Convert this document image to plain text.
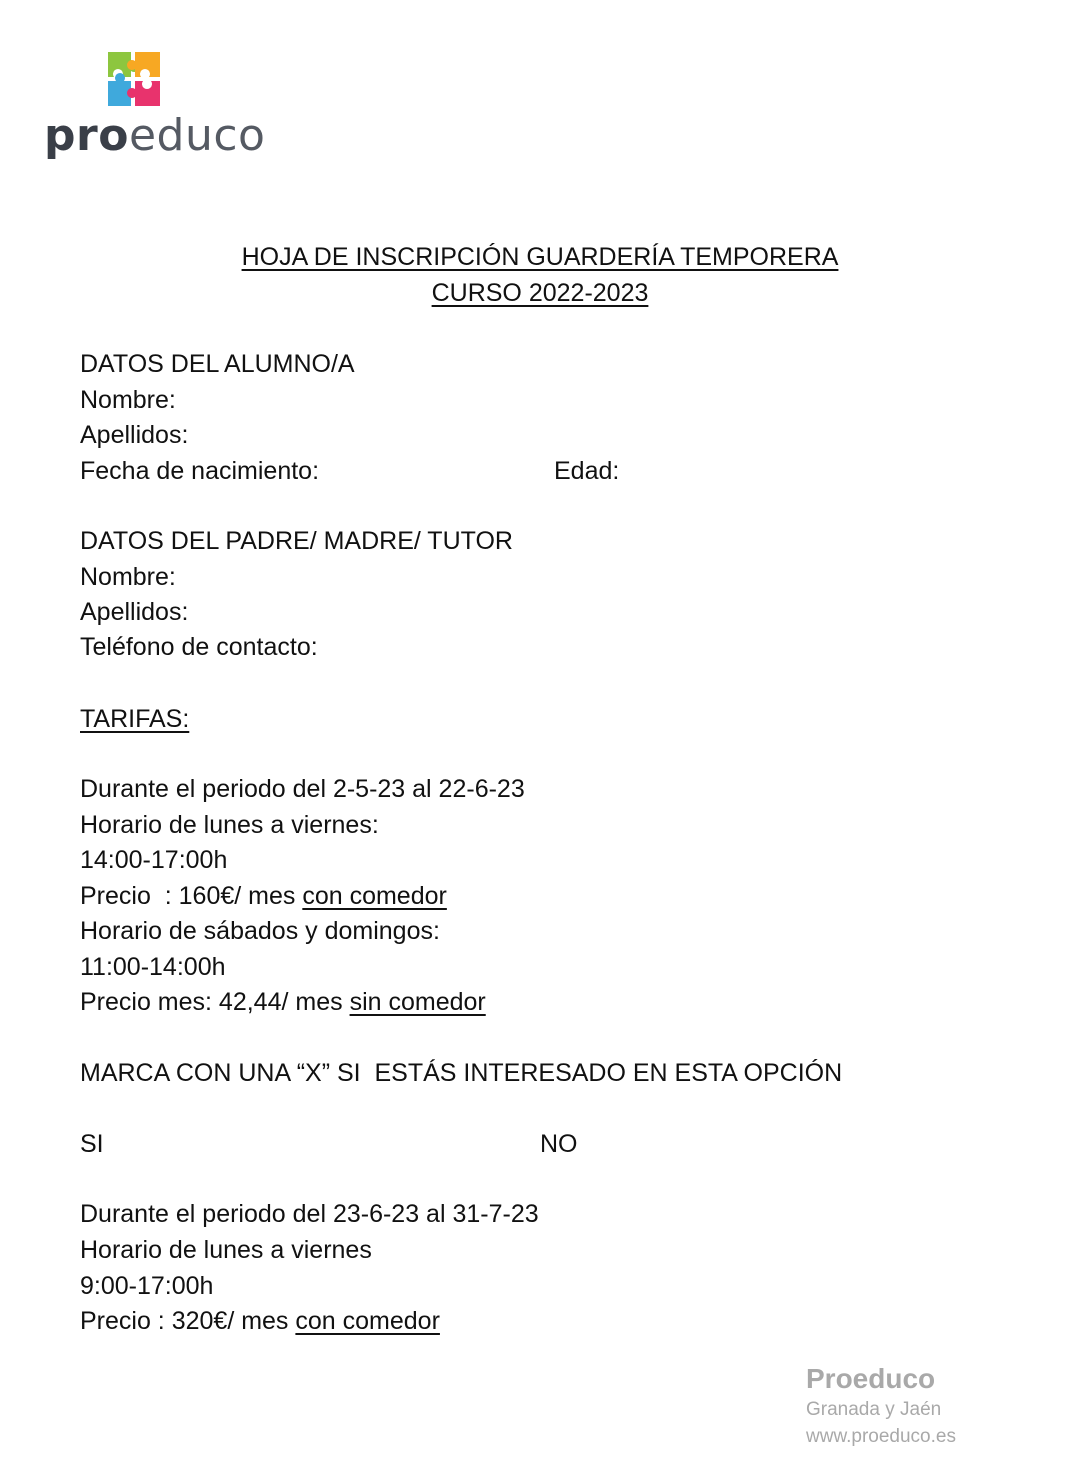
proeduco
HOJA DE INSCRIPCIÓN GUARDERÍA TEMPORERA
CURSO 2022-2023
DATOS DEL ALUMNO/A
Nombre:
Apellidos:
Fecha de nacimiento:	Edad:
DATOS DEL PADRE/ MADRE/ TUTOR
Nombre:
Apellidos:
Teléfono de contacto:
TARIFAS:
Durante el periodo del 2-5-23 al 22-6-23
Horario de lunes a viernes:
14:00-17:00h
Precio  : 160€/ mes con comedor
Horario de sábados y domingos:
11:00-14:00h
Precio mes: 42,44/ mes sin comedor
MARCA CON UNA “X” SI  ESTÁS INTERESADO EN ESTA OPCIÓN
SI	NO
Durante el periodo del 23-6-23 al 31-7-23
Horario de lunes a viernes
9:00-17:00h
Precio : 320€/ mes con comedor
Proeduco
Granada y Jaén
www.proeduco.es
